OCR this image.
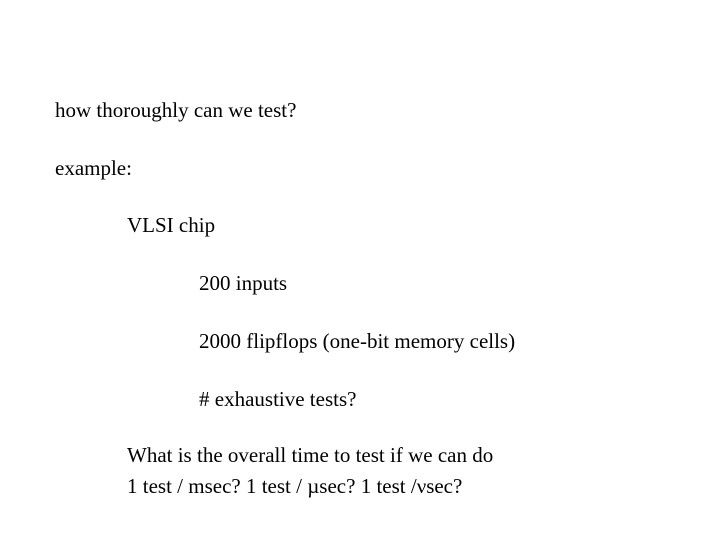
how thoroughly can we test?
example:
VLSI chip
200 inputs
2000 flipflops (one-bit memory cells)
# exhaustive tests?
What is the overall time to test if we can do
1 test / msec? 1 test / µsec? 1 test /νsec?
